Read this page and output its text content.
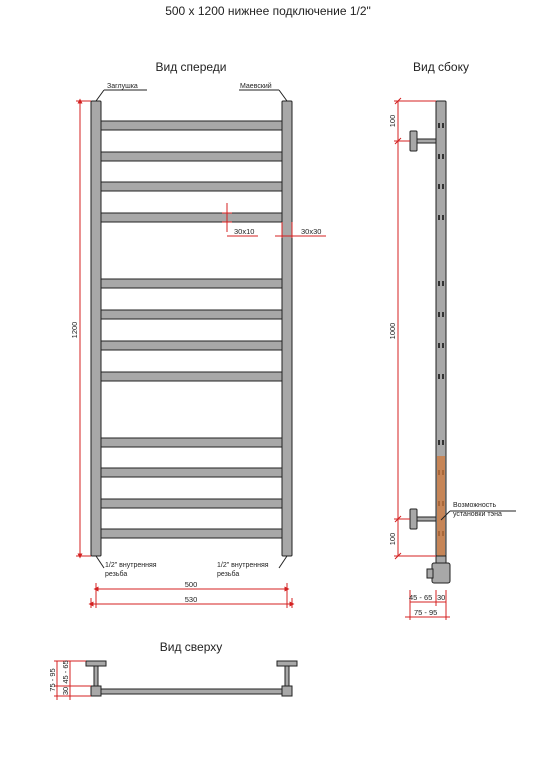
500 x 1200 нижнее подключение 1/2"
Вид спереди
Заглушка	Маевский
1200
30x10	30x30
1/2" внутренняя
резьба
1/2" внутренняя
резьба
500
530
Вид сбоку
100
1000
100
Возможность
установки тэна
45 - 65 30
75 - 95
Вид сверху
75 - 95 30
45 - 65
